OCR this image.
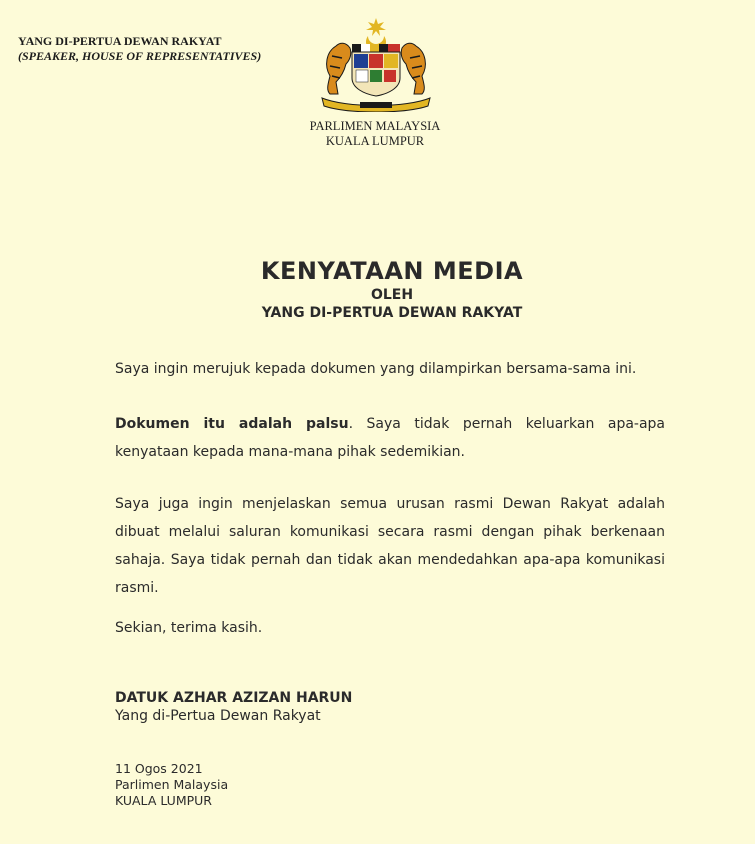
YANG DI-PERTUA DEWAN RAKYAT
(SPEAKER, HOUSE OF REPRESENTATIVES)
PARLIMEN MALAYSIA
KUALA LUMPUR
KENYATAAN MEDIA
OLEH
YANG DI-PERTUA DEWAN RAKYAT
Saya ingin merujuk kepada dokumen yang dilampirkan bersama-sama ini.
Dokumen itu adalah palsu. Saya tidak pernah keluarkan apa-apa kenyataan kepada mana-mana pihak sedemikian.
Saya juga ingin menjelaskan semua urusan rasmi Dewan Rakyat adalah dibuat melalui saluran komunikasi secara rasmi dengan pihak berkenaan sahaja. Saya tidak pernah dan tidak akan mendedahkan apa-apa komunikasi rasmi.
Sekian, terima kasih.
DATUK AZHAR AZIZAN HARUN
Yang di-Pertua Dewan Rakyat
11 Ogos 2021
Parlimen Malaysia
KUALA LUMPUR
